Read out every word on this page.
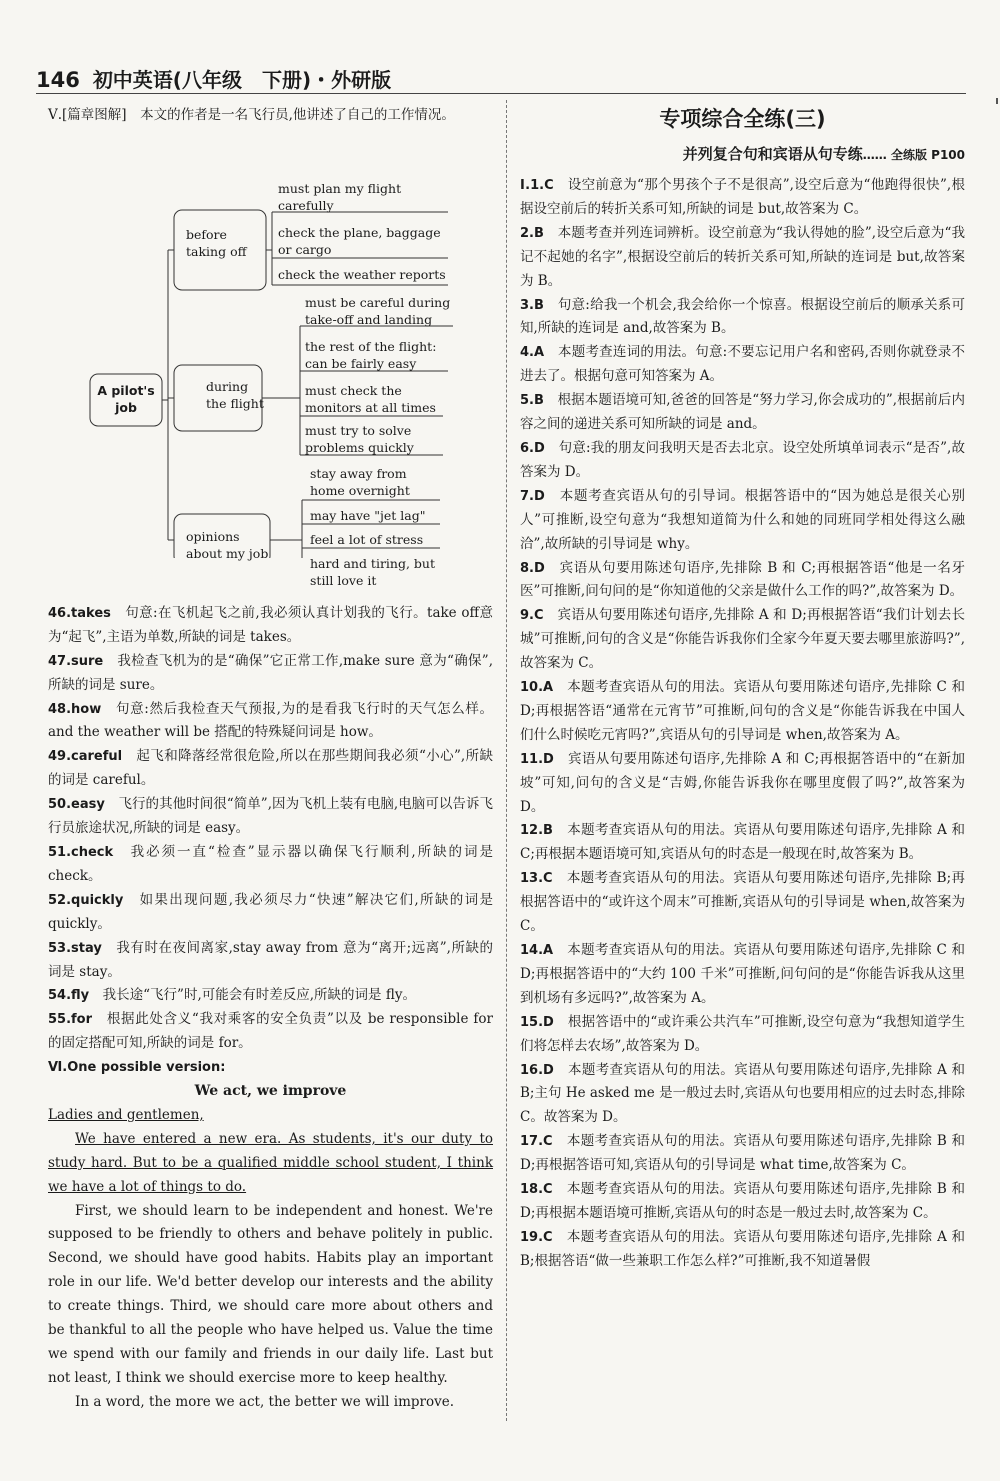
146 初中英语(八年级　下册)・外研版
Ⅴ.[篇章图解]　本文的作者是一名飞行员,他讲述了自己的工作情况。
A pilot's job
before taking off
during the flight
opinions about my job
must plan my flight carefully
check the plane, baggage or cargo
check the weather reports
must be careful during take-off and landing
the rest of the flight: can be fairly easy
must check the monitors at all times
must try to solve problems quickly
stay away from home overnight
may have "jet lag"
feel a lot of stress
hard and tiring, but still love it
46.takes　 句意:在飞机起飞之前,我必须认真计划我的飞行。take off意为“起飞”,主语为单数,所缺的词是 takes。
47.sure　 我检查飞机为的是“确保”它正常工作,make sure 意为“确保”,所缺的词是 sure。
48.how　 句意:然后我检查天气预报,为的是看我飞行时的天气怎么样。and the weather will be 搭配的特殊疑问词是 how。
49.careful　 起飞和降落经常很危险,所以在那些期间我必须“小心”,所缺的词是 careful。
50.easy　 飞行的其他时间很“简单”,因为飞机上装有电脑,电脑可以告诉飞行员旅途状况,所缺的词是 easy。
51.check　 我必须一直“检查”显示器以确保飞行顺利,所缺的词是 check。
52.quickly　 如果出现问题,我必须尽力“快速”解决它们,所缺的词是 quickly。
53.stay　 我有时在夜间离家,stay away from 意为“离开;远离”,所缺的词是 stay。
54.fly　 我长途“飞行”时,可能会有时差反应,所缺的词是 fly。
55.for　 根据此处含义“我对乘客的安全负责”以及 be responsible for 的固定搭配可知,所缺的词是 for。
Ⅵ.One possible version:
We act, we improve
Ladies and gentlemen,
We have entered a new era. As students, it's our duty to study hard. But to be a qualified middle school student, I think we have a lot of things to do.
First, we should learn to be independent and honest. We're supposed to be friendly to others and behave politely in public. Second, we should have good habits. Habits play an important role in our life. We'd better develop our interests and the ability to create things. Third, we should care more about others and be thankful to all the people who have helped us. Value the time we spend with our family and friends in our daily life. Last but not least, I think we should exercise more to keep healthy.
In a word, the more we act, the better we will improve.
专项综合全练(三)
并列复合句和宾语从句专练…… 全练版 P100
Ⅰ.1.C　 设空前意为“那个男孩个子不是很高”,设空后意为“他跑得很快”,根据设空前后的转折关系可知,所缺的词是 but,故答案为 C。
2.B　 本题考查并列连词辨析。设空前意为“我认得她的脸”,设空后意为“我记不起她的名字”,根据设空前后的转折关系可知,所缺的连词是 but,故答案为 B。
3.B　 句意:给我一个机会,我会给你一个惊喜。根据设空前后的顺承关系可知,所缺的连词是 and,故答案为 B。
4.A　 本题考查连词的用法。句意:不要忘记用户名和密码,否则你就登录不进去了。根据句意可知答案为 A。
5.B　 根据本题语境可知,爸爸的回答是“努力学习,你会成功的”,根据前后内容之间的递进关系可知所缺的词是 and。
6.D　 句意:我的朋友问我明天是否去北京。设空处所填单词表示“是否”,故答案为 D。
7.D　 本题考查宾语从句的引导词。根据答语中的“因为她总是很关心别人”可推断,设空句意为“我想知道简为什么和她的同班同学相处得这么融洽”,故所缺的引导词是 why。
8.D　 宾语从句要用陈述句语序,先排除 B 和 C;再根据答语“他是一名牙医”可推断,问句问的是“你知道他的父亲是做什么工作的吗?”,故答案为 D。
9.C　 宾语从句要用陈述句语序,先排除 A 和 D;再根据答语“我们计划去长城”可推断,问句的含义是“你能告诉我你们全家今年夏天要去哪里旅游吗?”,故答案为 C。
10.A　 本题考查宾语从句的用法。宾语从句要用陈述句语序,先排除 C 和 D;再根据答语“通常在元宵节”可推断,问句的含义是“你能告诉我在中国人们什么时候吃元宵吗?”,宾语从句的引导词是 when,故答案为 A。
11.D　 宾语从句要用陈述句语序,先排除 A 和 C;再根据答语中的“在新加坡”可知,问句的含义是“吉姆,你能告诉我你在哪里度假了吗?”,故答案为 D。
12.B　 本题考查宾语从句的用法。宾语从句要用陈述句语序,先排除 A 和 C;再根据本题语境可知,宾语从句的时态是一般现在时,故答案为 B。
13.C　 本题考查宾语从句的用法。宾语从句要用陈述句语序,先排除 B;再根据答语中的“或许这个周末”可推断,宾语从句的引导词是 when,故答案为 C。
14.A　 本题考查宾语从句的用法。宾语从句要用陈述句语序,先排除 C 和 D;再根据答语中的“大约 100 千米”可推断,问句问的是“你能告诉我从这里到机场有多远吗?”,故答案为 A。
15.D　 根据答语中的“或许乘公共汽车”可推断,设空句意为“我想知道学生们将怎样去农场”,故答案为 D。
16.D　 本题考查宾语从句的用法。宾语从句要用陈述句语序,先排除 A 和 B;主句 He asked me 是一般过去时,宾语从句也要用相应的过去时态,排除 C。故答案为 D。
17.C　 本题考查宾语从句的用法。宾语从句要用陈述句语序,先排除 B 和 D;再根据答语可知,宾语从句的引导词是 what time,故答案为 C。
18.C　 本题考查宾语从句的用法。宾语从句要用陈述句语序,先排除 B 和 D;再根据本题语境可推断,宾语从句的时态是一般过去时,故答案为 C。
19.C　 本题考查宾语从句的用法。宾语从句要用陈述句语序,先排除 A 和 B;根据答语“做一些兼职工作怎么样?”可推断,我不知道暑假
